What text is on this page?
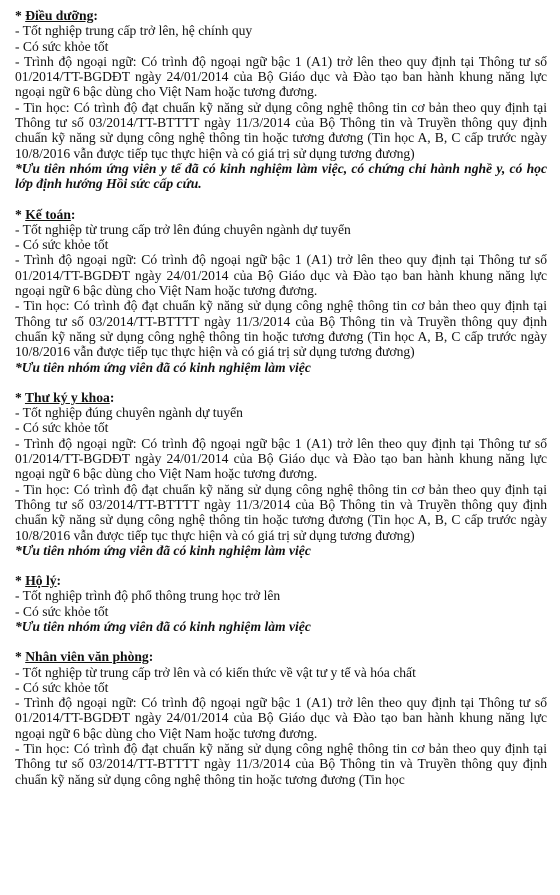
* Điều dưỡng:

- Tốt nghiệp trung cấp trở lên, hệ chính quy

- Có sức khỏe tốt

- Trình độ ngoại ngữ: Có trình độ ngoại ngữ bậc 1 (A1) trở lên theo quy định tại Thông tư số 01/2014/TT-BGDĐT ngày 24/01/2014 của Bộ Giáo dục và Đào tạo ban hành khung năng lực ngoại ngữ 6 bậc dùng cho Việt Nam hoặc tương đương.

- Tin học: Có trình độ đạt chuẩn kỹ năng sử dụng công nghệ thông tin cơ bản theo quy định tại Thông tư số 03/2014/TT-BTTTT ngày 11/3/2014 của Bộ Thông tin và Truyền thông quy định chuẩn kỹ năng sử dụng công nghệ thông tin hoặc tương đương (Tin học A, B, C cấp trước ngày 10/8/2016 vẫn được tiếp tục thực hiện và có giá trị sử dụng tương đương)

*Ưu tiên nhóm ứng viên y tế đã có kinh nghiệm làm việc, có chứng chỉ hành nghề y, có học lớp định hướng Hồi sức cấp cứu.

* Kế toán:

- Tốt nghiệp từ trung cấp trở lên đúng chuyên ngành dự tuyển

- Có sức khỏe tốt

- Trình độ ngoại ngữ: Có trình độ ngoại ngữ bậc 1 (A1) trở lên theo quy định tại Thông tư số 01/2014/TT-BGDĐT ngày 24/01/2014 của Bộ Giáo dục và Đào tạo ban hành khung năng lực ngoại ngữ 6 bậc dùng cho Việt Nam hoặc tương đương.

- Tin học: Có trình độ đạt chuẩn kỹ năng sử dụng công nghệ thông tin cơ bản theo quy định tại Thông tư số 03/2014/TT-BTTTT ngày 11/3/2014 của Bộ Thông tin và Truyền thông quy định chuẩn kỹ năng sử dụng công nghệ thông tin hoặc tương đương (Tin học A, B, C cấp trước ngày 10/8/2016 vẫn được tiếp tục thực hiện và có giá trị sử dụng tương đương)

*Ưu tiên nhóm ứng viên đã có kinh nghiệm làm việc

* Thư ký y khoa:

- Tốt nghiệp đúng chuyên ngành dự tuyển

- Có sức khỏe tốt

- Trình độ ngoại ngữ: Có trình độ ngoại ngữ bậc 1 (A1) trở lên theo quy định tại Thông tư số 01/2014/TT-BGDĐT ngày 24/01/2014 của Bộ Giáo dục và Đào tạo ban hành khung năng lực ngoại ngữ 6 bậc dùng cho Việt Nam hoặc tương đương.

- Tin học: Có trình độ đạt chuẩn kỹ năng sử dụng công nghệ thông tin cơ bản theo quy định tại Thông tư số 03/2014/TT-BTTTT ngày 11/3/2014 của Bộ Thông tin và Truyền thông quy định chuẩn kỹ năng sử dụng công nghệ thông tin hoặc tương đương (Tin học A, B, C cấp trước ngày 10/8/2016 vẫn được tiếp tục thực hiện và có giá trị sử dụng tương đương)

*Ưu tiên nhóm ứng viên đã có kinh nghiệm làm việc

* Hộ lý:

- Tốt nghiệp trình độ phổ thông trung học trở lên

- Có sức khỏe tốt

*Ưu tiên nhóm ứng viên đã có kinh nghiệm làm việc

* Nhân viên văn phòng:

- Tốt nghiệp từ trung cấp trở lên và có kiến thức về vật tư y tế và hóa chất

- Có sức khỏe tốt

- Trình độ ngoại ngữ: Có trình độ ngoại ngữ bậc 1 (A1) trở lên theo quy định tại Thông tư số 01/2014/TT-BGDĐT ngày 24/01/2014 của Bộ Giáo dục và Đào tạo ban hành khung năng lực ngoại ngữ 6 bậc dùng cho Việt Nam hoặc tương đương.

- Tin học: Có trình độ đạt chuẩn kỹ năng sử dụng công nghệ thông tin cơ bản theo quy định tại Thông tư số 03/2014/TT-BTTTT ngày 11/3/2014 của Bộ Thông tin và Truyền thông quy định chuẩn kỹ năng sử dụng công nghệ thông tin hoặc tương đương (Tin học
